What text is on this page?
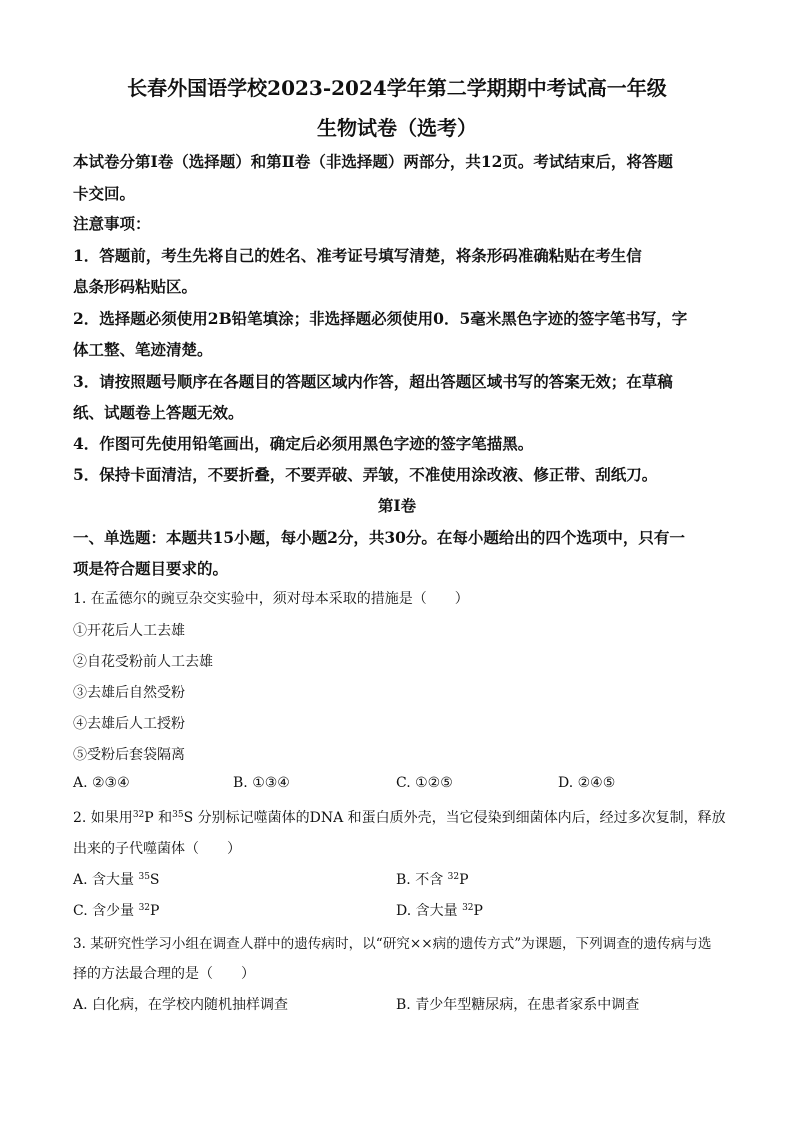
长春外国语学校2023-2024学年第二学期期中考试高一年级
生物试卷（选考）
本试卷分第Ⅰ卷（选择题）和第Ⅱ卷（非选择题）两部分，共12页。考试结束后，将答题
卡交回。
注意事项：
1．答题前，考生先将自己的姓名、准考证号填写清楚，将条形码准确粘贴在考生信
息条形码粘贴区。
2．选择题必须使用2B铅笔填涂；非选择题必须使用0．5毫米黑色字迹的签字笔书写，字
体工整、笔迹清楚。
3．请按照题号顺序在各题目的答题区域内作答，超出答题区域书写的答案无效；在草稿
纸、试题卷上答题无效。
4．作图可先使用铅笔画出，确定后必须用黑色字迹的签字笔描黑。
5．保持卡面清洁，不要折叠，不要弄破、弄皱，不准使用涂改液、修正带、刮纸刀。
第Ⅰ卷
一、单选题：本题共15小题，每小题2分，共30分。在每小题给出的四个选项中，只有一
项是符合题目要求的。
1. 在孟德尔的豌豆杂交实验中，须对母本采取的措施是（　　）
①开花后人工去雄
②自花受粉前人工去雄
③去雄后自然受粉
④去雄后人工授粉
⑤受粉后套袋隔离
A. ②③④	B. ①③④	C. ①②⑤	D. ②④⑤
2. 如果用$^{32}$P 和$^{35}$S 分别标记噬菌体的DNA 和蛋白质外壳，当它侵染到细菌体内后，经过多次复制，释放
出来的子代噬菌体（　　）
A. 含大量 $^{35}$S	B. 不含 $^{32}$P
C. 含少量 $^{32}$P	D. 含大量 $^{32}$P
3. 某研究性学习小组在调查人群中的遗传病时，以“研究××病的遗传方式”为课题，下列调查的遗传病与选
择的方法最合理的是（　　）
A. 白化病，在学校内随机抽样调查	B. 青少年型糖尿病，在患者家系中调查
